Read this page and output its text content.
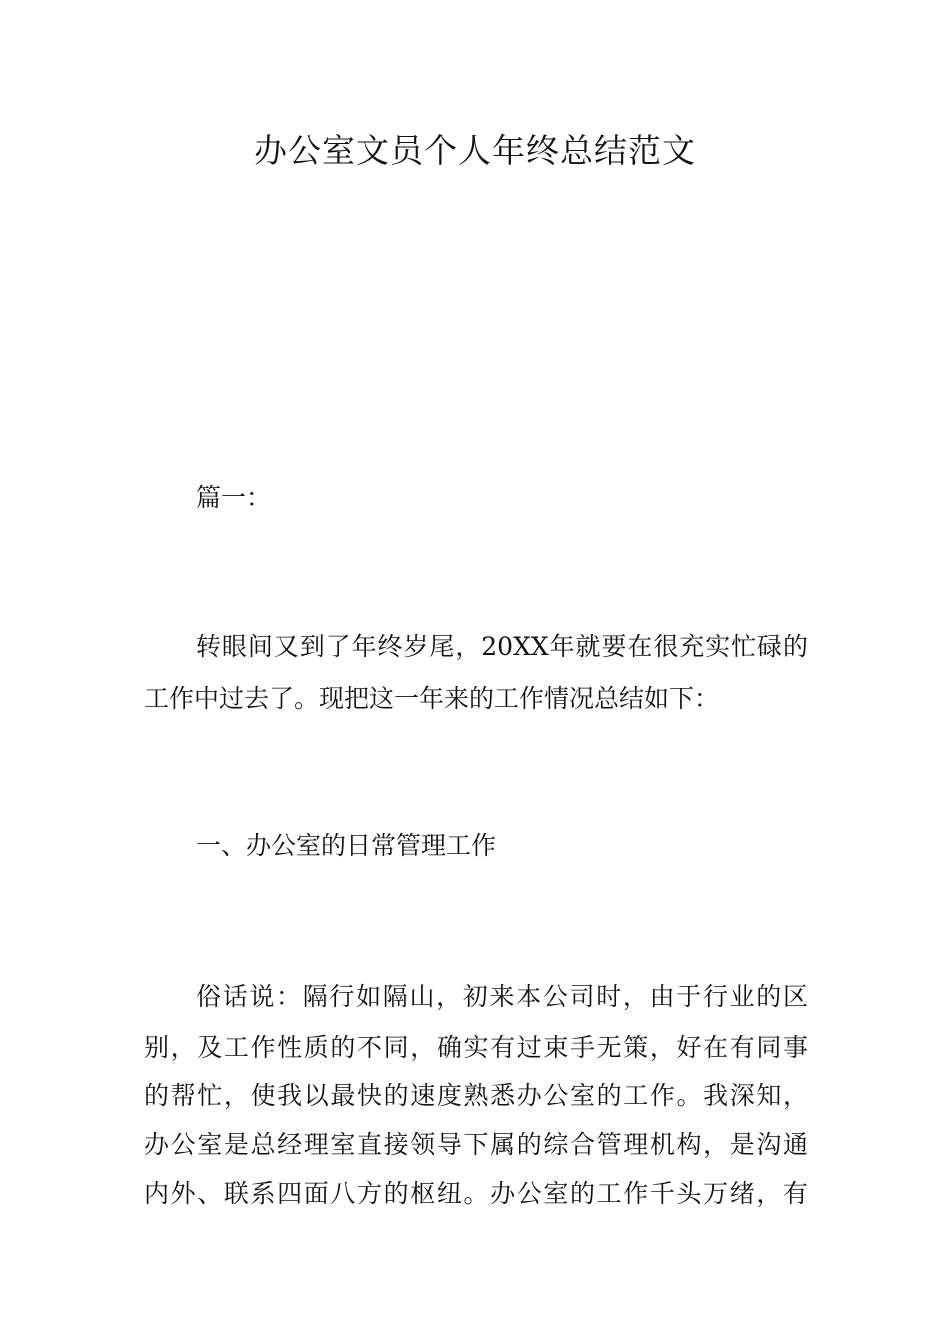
办公室文员个人年终总结范文
篇一：
转眼间又到了年终岁尾，20XX年就要在很充实忙碌的
工作中过去了。现把这一年来的工作情况总结如下：
一、办公室的日常管理工作
俗话说：隔行如隔山，初来本公司时，由于行业的区
别，及工作性质的不同，确实有过束手无策，好在有同事
的帮忙，使我以最快的速度熟悉办公室的工作。我深知，
办公室是总经理室直接领导下属的综合管理机构，是沟通
内外、联系四面八方的枢纽。办公室的工作千头万绪，有
